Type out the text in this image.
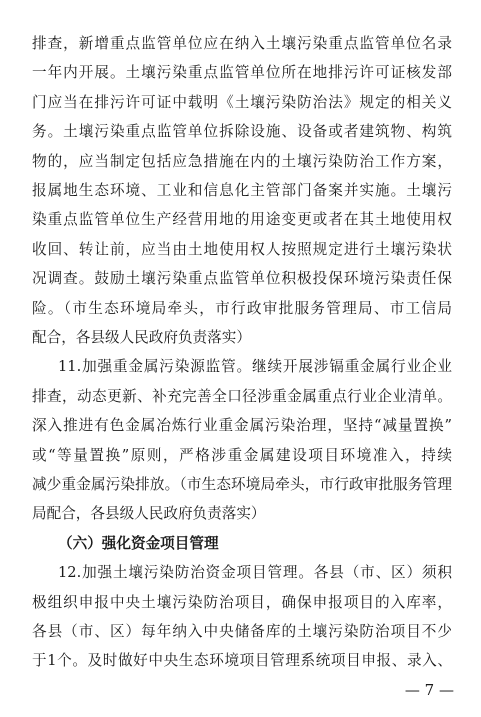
排查，新增重点监管单位应在纳入土壤污染重点监管单位名录
一年内开展。土壤污染重点监管单位所在地排污许可证核发部
门应当在排污许可证中载明《土壤污染防治法》规定的相关义
务。土壤污染重点监管单位拆除设施、设备或者建筑物、构筑
物的，应当制定包括应急措施在内的土壤污染防治工作方案，
报属地生态环境、工业和信息化主管部门备案并实施。土壤污
染重点监管单位生产经营用地的用途变更或者在其土地使用权
收回、转让前，应当由土地使用权人按照规定进行土壤污染状
况调查。鼓励土壤污染重点监管单位积极投保环境污染责任保
险。（市生态环境局牵头，市行政审批服务管理局、市工信局
配合，各县级人民政府负责落实）
11.加强重金属污染源监管。继续开展涉镉重金属行业企业
排查，动态更新、补充完善全口径涉重金属重点行业企业清单。
深入推进有色金属冶炼行业重金属污染治理，坚持“减量置换”
或“等量置换”原则，严格涉重金属建设项目环境准入，持续
减少重金属污染排放。（市生态环境局牵头，市行政审批服务管理
局配合，各县级人民政府负责落实）
（六）强化资金项目管理
12.加强土壤污染防治资金项目管理。各县（市、区）须积
极组织申报中央土壤污染防治项目，确保申报项目的入库率，
各县（市、区）每年纳入中央储备库的土壤污染防治项目不少
于1个。及时做好中央生态环境项目管理系统项目申报、录入、
— 7 —
